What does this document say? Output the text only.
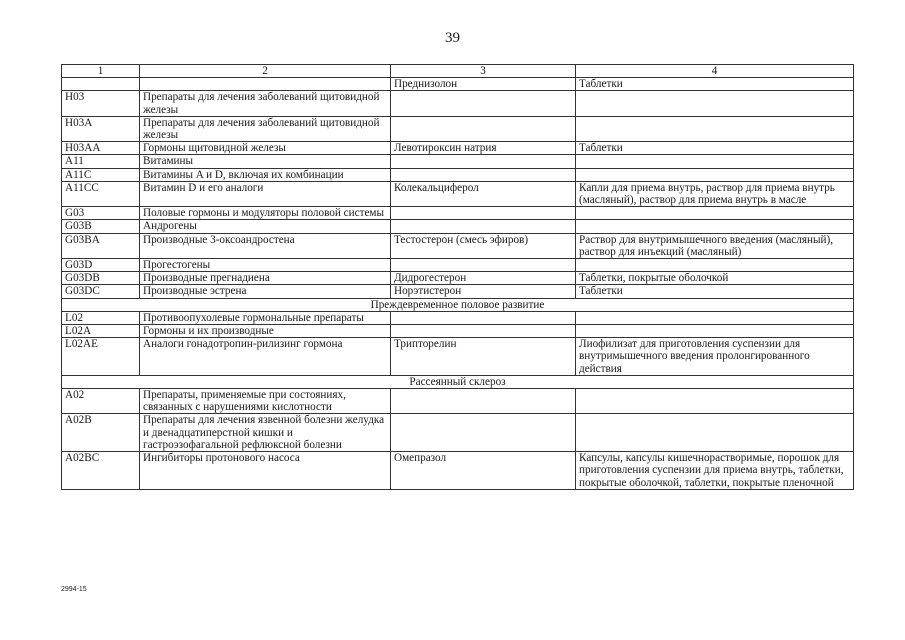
39
1	2	3	4
		Преднизолон	Таблетки
H03	Препараты для лечения заболеваний щитовидной железы		
H03A	Препараты для лечения заболеваний щитовидной железы		
H03AA	Гормоны щитовидной железы	Левотироксин натрия	Таблетки
A11	Витамины		
A11C	Витамины A и D, включая их комбинации		
A11CC	Витамин D и его аналоги	Колекальциферол	Капли для приема внутрь, раствор для приема внутрь (масляный), раствор для приема внутрь в масле
G03	Половые гормоны и модуляторы половой системы		
G03B	Андрогены		
G03BA	Производные 3-оксоандростена	Тестостерон (смесь эфиров)	Раствор для внутримышечного введения (масляный), раствор для инъекций (масляный)
G03D	Прогестогены		
G03DB	Производные прегнадиена	Дидрогестерон	Таблетки, покрытые оболочкой
G03DC	Производные эстрена	Норэтистерон	Таблетки
Преждевременное половое развитие			
L02	Противоопухолевые гормональные препараты		
L02A	Гормоны и их производные		
L02AE	Аналоги гонадотропин-рилизинг гормона	Трипторелин	Лиофилизат для приготовления суспензии для внутримышечного введения пролонгированного действия
Рассеянный склероз			
A02	Препараты, применяемые при состояниях, связанных с нарушениями кислотности		
A02B	Препараты для лечения язвенной болезни желудка и двенадцатиперстной кишки и гастроэзофагальной рефлюксной болезни		
A02BC	Ингибиторы протонового насоса	Омепразол	Капсулы, капсулы кишечнорастворимые, порошок для приготовления суспензии для приема внутрь, таблетки, покрытые оболочкой, таблетки, покрытые пленочной
2994-15
